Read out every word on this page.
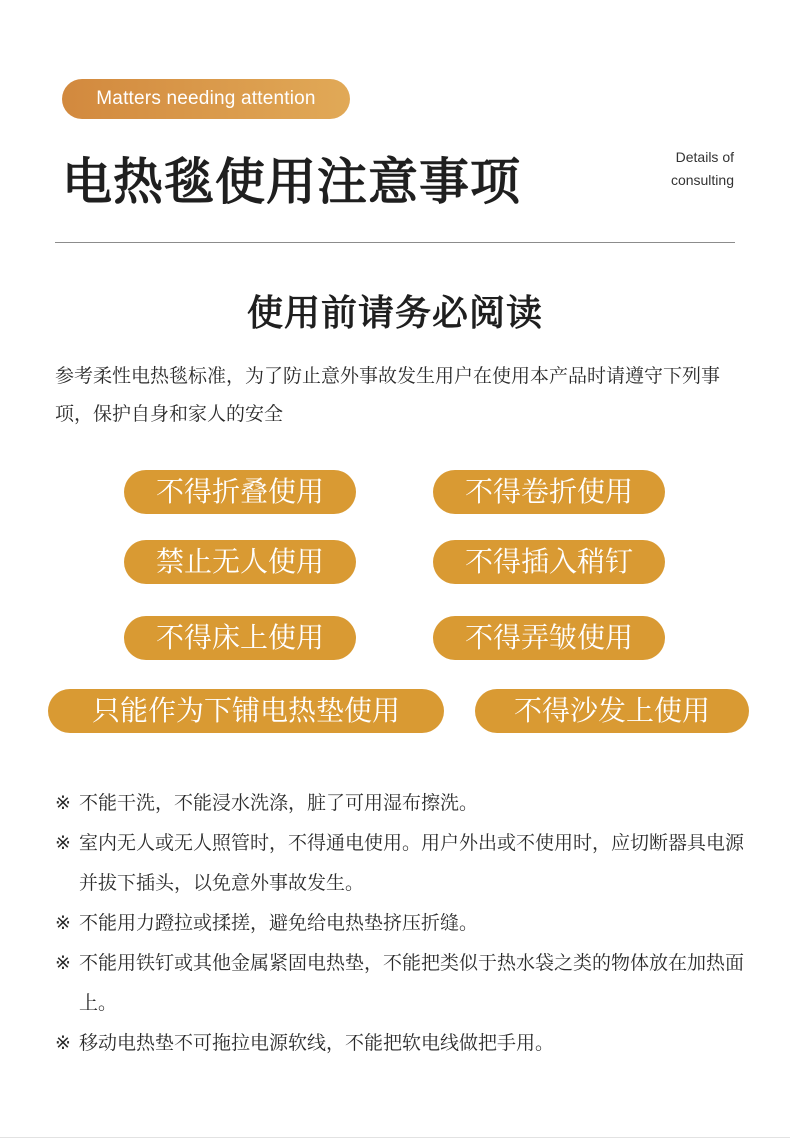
Matters needing attention
电热毯使用注意事项	Details of
consulting
使用前请务必阅读
参考柔性电热毯标准，为了防止意外事故发生用户在使用本产品时请遵守下列事项，保护自身和家人的安全
不得折叠使用	不得卷折使用
禁止无人使用	不得插入稍钉
不得床上使用	不得弄皱使用
只能作为下铺电热垫使用	不得沙发上使用
※ 不能干洗，不能浸水洗涤，脏了可用湿布擦洗。
※ 室内无人或无人照管时，不得通电使用。用户外出或不使用时，应切断器具电源并拔下插头，以免意外事故发生。
※ 不能用力蹬拉或揉搓，避免给电热垫挤压折缝。
※ 不能用铁钉或其他金属紧固电热垫，不能把类似于热水袋之类的物体放在加热面上。
※ 移动电热垫不可拖拉电源软线，不能把软电线做把手用。
